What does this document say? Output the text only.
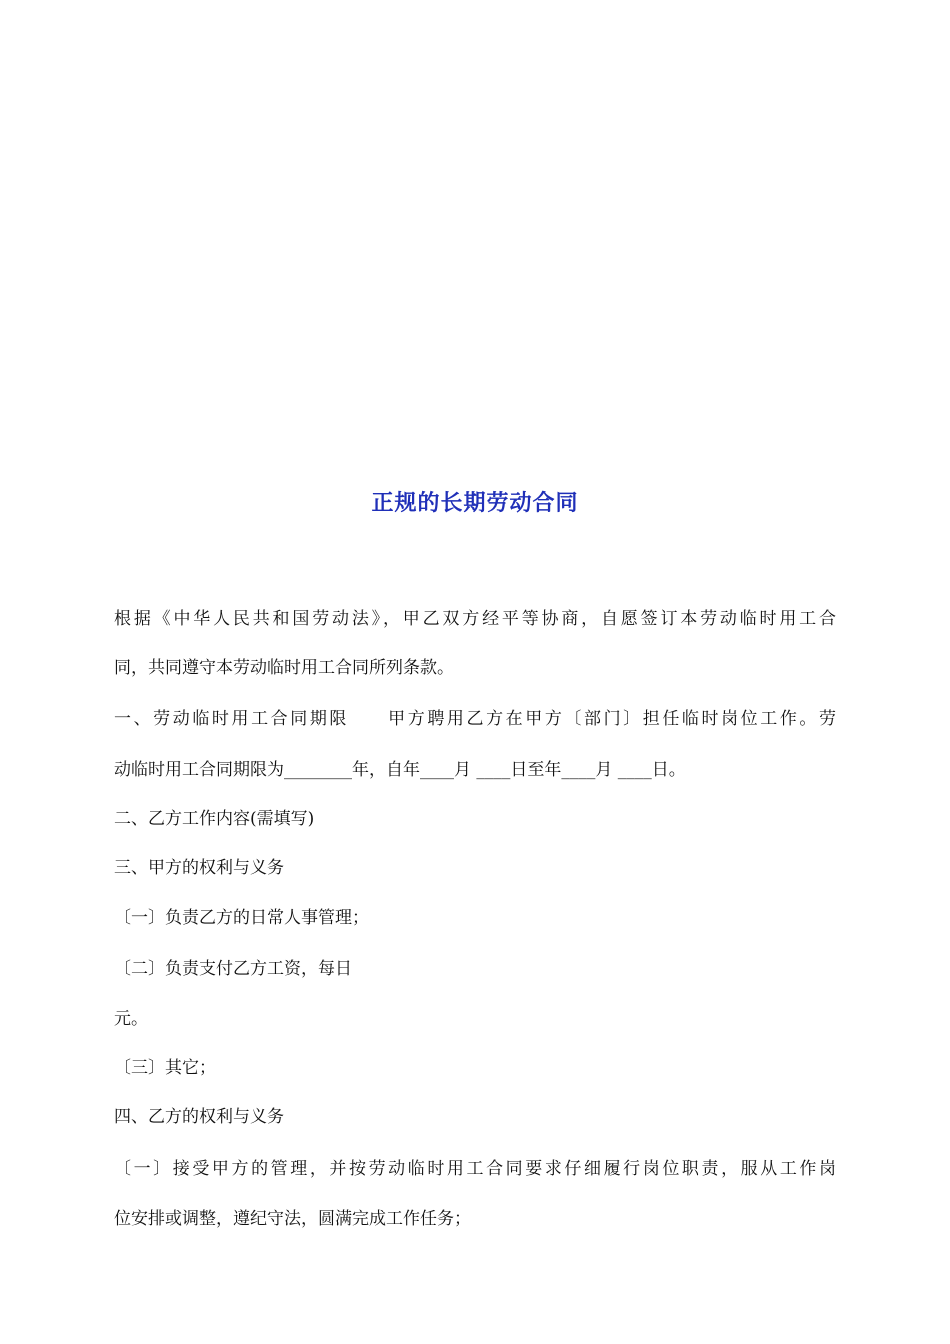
正规的长期劳动合同
根据《中华人民共和国劳动法》，甲乙双方经平等协商，自愿签订本劳动临时用工合
同，共同遵守本劳动临时用工合同所列条款。
一、劳动临时用工合同期限　　甲方聘用乙方在甲方〔部门〕担任临时岗位工作。劳
动临时用工合同期限为________年，自年____月 ____日至年____月 ____日。
二、乙方工作内容(需填写)
三、甲方的权利与义务
〔一〕负责乙方的日常人事管理；
〔二〕负责支付乙方工资，每日
元。
〔三〕其它；
四、乙方的权利与义务
〔一〕接受甲方的管理，并按劳动临时用工合同要求仔细履行岗位职责，服从工作岗
位安排或调整，遵纪守法，圆满完成工作任务；
